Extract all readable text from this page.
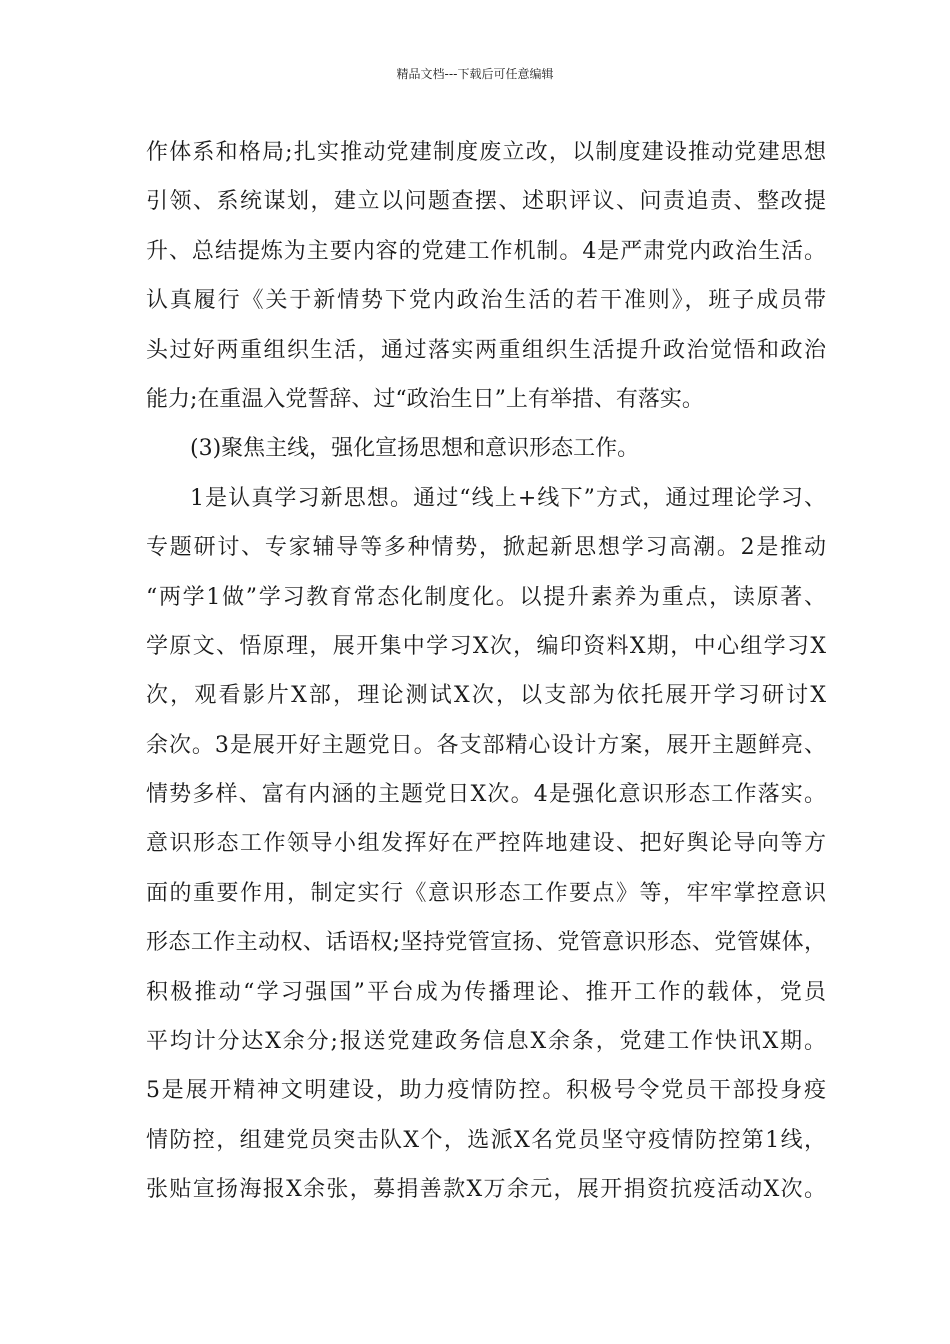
精品文档---下载后可任意编辑
作体系和格局;扎实推动党建制度废立改，以制度建设推动党建思想
引领、系统谋划，建立以问题查摆、述职评议、问责追责、整改提
升、总结提炼为主要内容的党建工作机制。4是严肃党内政治生活。
认真履行《关于新情势下党内政治生活的若干准则》，班子成员带
头过好两重组织生活，通过落实两重组织生活提升政治觉悟和政治
能力;在重温入党誓辞、过“政治生日”上有举措、有落实。
(3)聚焦主线，强化宣扬思想和意识形态工作。
1是认真学习新思想。通过“线上+线下”方式，通过理论学习、
专题研讨、专家辅导等多种情势，掀起新思想学习高潮。2是推动
“两学1做”学习教育常态化制度化。以提升素养为重点，读原著、
学原文、悟原理，展开集中学习X次，编印资料X期，中心组学习X
次，观看影片X部，理论测试X次，以支部为依托展开学习研讨X
余次。3是展开好主题党日。各支部精心设计方案，展开主题鲜亮、
情势多样、富有内涵的主题党日X次。4是强化意识形态工作落实。
意识形态工作领导小组发挥好在严控阵地建设、把好舆论导向等方
面的重要作用，制定实行《意识形态工作要点》等，牢牢掌控意识
形态工作主动权、话语权;坚持党管宣扬、党管意识形态、党管媒体，
积极推动“学习强国”平台成为传播理论、推开工作的载体，党员
平均计分达X余分;报送党建政务信息X余条，党建工作快讯X期。
5是展开精神文明建设，助力疫情防控。积极号令党员干部投身疫
情防控，组建党员突击队X个，选派X名党员坚守疫情防控第1线，
张贴宣扬海报X余张，募捐善款X万余元，展开捐资抗疫活动X次。
